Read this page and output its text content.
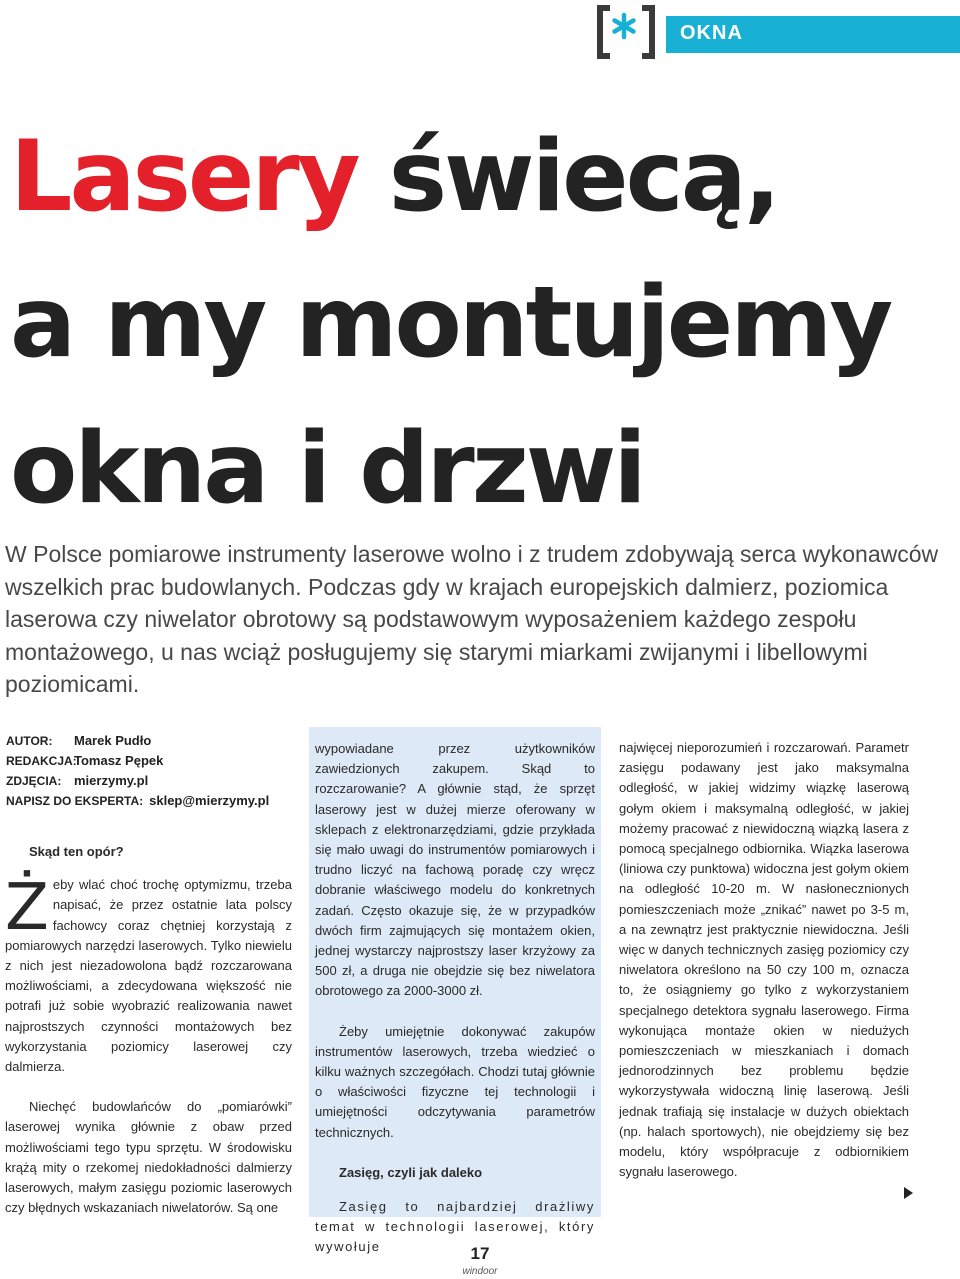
OKNA
Lasery świecą,
a my montujemy
okna i drzwi

W Polsce pomiarowe instrumenty laserowe wolno i z trudem zdobywają serca wykonawców wszelkich prac budowlanych. Podczas gdy w krajach europejskich dalmierz, poziomica laserowa czy niwelator obrotowy są podstawowym wyposażeniem każdego zespołu montażowego, u nas wciąż posługujemy się starymi miarkami zwijanymi i libellowymi poziomicami.

AUTOR: Marek Pudło
REDAKCJA:Tomasz Pępek
ZDJĘCIA: mierzymy.pl
NAPISZ DO EKSPERTA: sklep@mierzymy.pl
Skąd ten opór?

Żeby wlać choć trochę optymizmu, trzeba napisać, że przez ostatnie lata polscy fachowcy coraz chętniej korzystają z pomiarowych narzędzi laserowych. Tylko niewielu z nich jest niezadowolona bądź rozczarowana możliwościami, a zdecydowana większość nie potrafi już sobie wyobrazić realizowania nawet najprostszych czynności montażowych bez wykorzystania poziomicy laserowej czy dalmierza.

Niechęć budowlańców do „pomiarówki” laserowej wynika głównie z obaw przed możliwościami tego typu sprzętu. W środowisku krążą mity o rzekomej niedokładności dalmierzy laserowych, małym zasięgu poziomic laserowych czy błędnych wskazaniach niwelatorów. Są one

wypowiadane przez użytkowników zawiedzionych zakupem. Skąd to rozczarowanie? A głównie stąd, że sprzęt laserowy jest w dużej mierze oferowany w sklepach z elektronarzędziami, gdzie przykłada się mało uwagi do instrumentów pomiarowych i trudno liczyć na fachową poradę czy wręcz dobranie właściwego modelu do konkretnych zadań. Często okazuje się, że w przypadków dwóch firm zajmujących się montażem okien, jednej wystarczy najprostszy laser krzyżowy za 500 zł, a druga nie obejdzie się bez niwelatora obrotowego za 2000-3000 zł.

Żeby umiejętnie dokonywać zakupów instrumentów laserowych, trzeba wiedzieć o kilku ważnych szczegółach. Chodzi tutaj głównie o właściwości fizyczne tej technologii i umiejętności odczytywania parametrów technicznych.

Zasięg, czyli jak daleko

Zasięg to najbardziej drażliwy temat w technologii laserowej, który wywołuje

najwięcej nieporozumień i rozczarowań. Parametr zasięgu podawany jest jako maksymalna odległość, w jakiej widzimy wiązkę laserową gołym okiem i maksymalną odległość, w jakiej możemy pracować z niewidoczną wiązką lasera z pomocą specjalnego odbiornika. Wiązka laserowa (liniowa czy punktowa) widoczna jest gołym okiem na odległość 10-20 m. W nasłonecznionych pomieszczeniach może „znikać” nawet po 3-5 m, a na zewnątrz jest praktycznie niewidoczna. Jeśli więc w danych technicznych zasięg poziomicy czy niwelatora określono na 50 czy 100 m, oznacza to, że osiągniemy go tylko z wykorzystaniem specjalnego detektora sygnału laserowego. Firma wykonująca montaże okien w niedużych pomieszczeniach w mieszkaniach i domach jednorodzinnych bez problemu będzie wykorzystywała widoczną linię laserową. Jeśli jednak trafiają się instalacje w dużych obiektach (np. halach sportowych), nie obejdziemy się bez modelu, który współpracuje z odbiornikiem sygnału laserowego.

17
windoor
